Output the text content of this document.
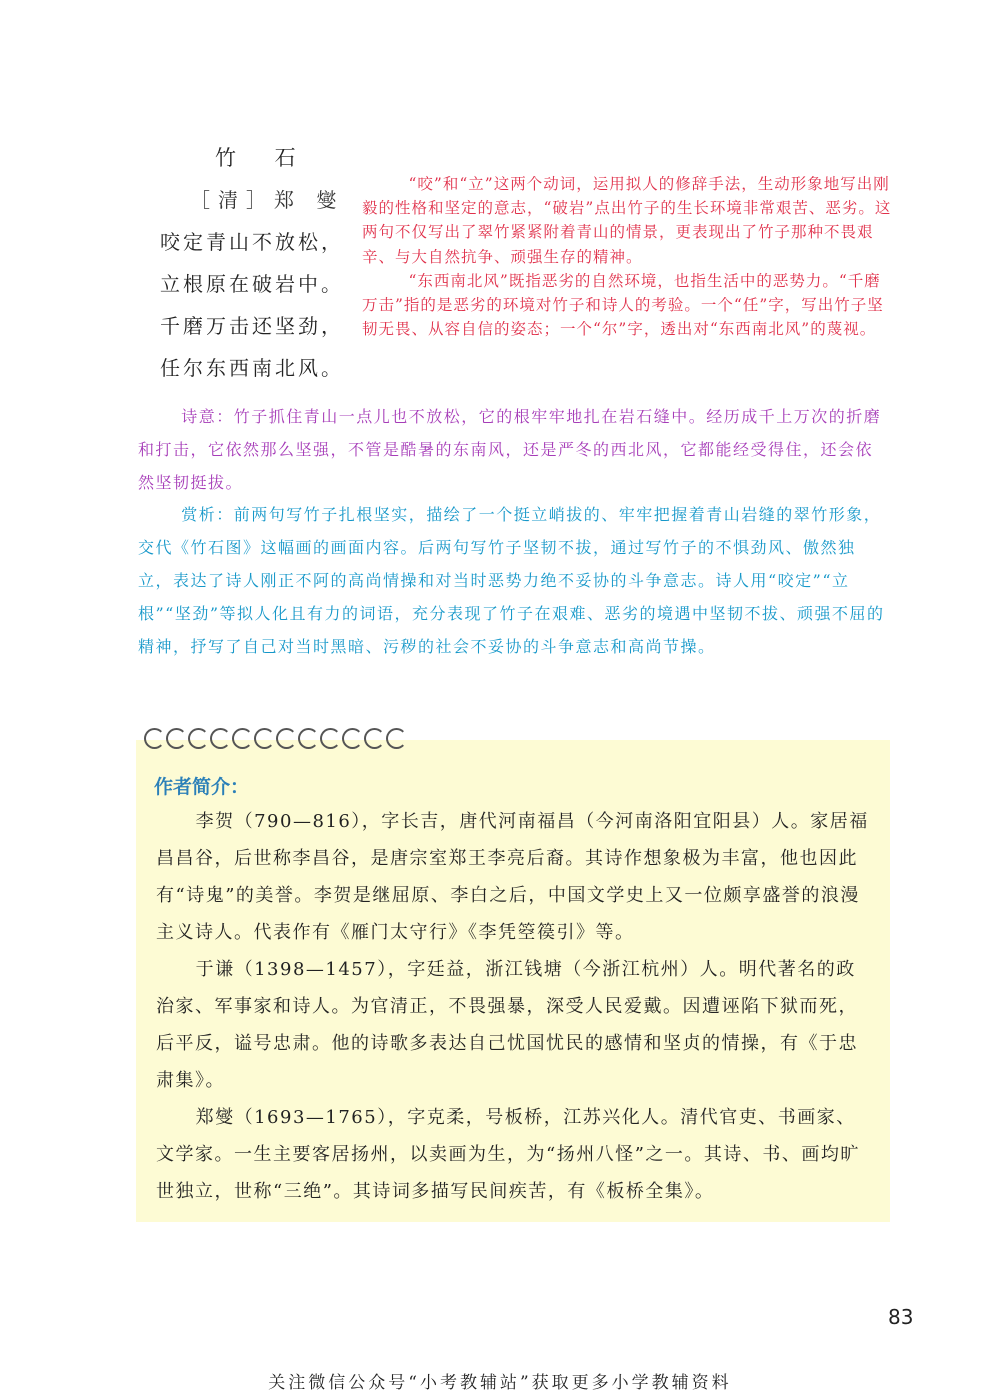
竹 石
［清］郑 燮
咬定青山不放松，
立根原在破岩中。
千磨万击还坚劲，
任尔东西南北风。

“咬”和“立”这两个动词，运用拟人的修辞手法，生动形象地写出刚毅的性格和坚定的意志，“破岩”点出竹子的生长环境非常艰苦、恶劣。这两句不仅写出了翠竹紧紧附着青山的情景，更表现出了竹子那种不畏艰辛、与大自然抗争、顽强生存的精神。

“东西南北风”既指恶劣的自然环境，也指生活中的恶势力。“千磨万击”指的是恶劣的环境对竹子和诗人的考验。一个“任”字，写出竹子坚韧无畏、从容自信的姿态；一个“尔”字，透出对“东西南北风”的蔑视。

诗意：竹子抓住青山一点儿也不放松，它的根牢牢地扎在岩石缝中。经历成千上万次的折磨和打击，它依然那么坚强，不管是酷暑的东南风，还是严冬的西北风，它都能经受得住，还会依然坚韧挺拔。

赏析：前两句写竹子扎根坚实，描绘了一个挺立峭拔的、牢牢把握着青山岩缝的翠竹形象，交代《竹石图》这幅画的画面内容。后两句写竹子坚韧不拔，通过写竹子的不惧劲风、傲然独立，表达了诗人刚正不阿的高尚情操和对当时恶势力绝不妥协的斗争意志。诗人用“咬定”“立根”“坚劲”等拟人化且有力的词语，充分表现了竹子在艰难、恶劣的境遇中坚韧不拔、顽强不屈的精神，抒写了自己对当时黑暗、污秽的社会不妥协的斗争意志和高尚节操。

作者简介：

李贺（790—816），字长吉，唐代河南福昌（今河南洛阳宜阳县）人。家居福昌昌谷，后世称李昌谷，是唐宗室郑王李亮后裔。其诗作想象极为丰富，他也因此有“诗鬼”的美誉。李贺是继屈原、李白之后，中国文学史上又一位颇享盛誉的浪漫主义诗人。代表作有《雁门太守行》《李凭箜篌引》等。

于谦（1398—1457），字廷益，浙江钱塘（今浙江杭州）人。明代著名的政治家、军事家和诗人。为官清正，不畏强暴，深受人民爱戴。因遭诬陷下狱而死，后平反，谥号忠肃。他的诗歌多表达自己忧国忧民的感情和坚贞的情操，有《于忠肃集》。

郑燮（1693—1765），字克柔，号板桥，江苏兴化人。清代官吏、书画家、文学家。一生主要客居扬州，以卖画为生，为“扬州八怪”之一。其诗、书、画均旷世独立，世称“三绝”。其诗词多描写民间疾苦，有《板桥全集》。

83
关注微信公众号“小考教辅站”获取更多小学教辅资料
